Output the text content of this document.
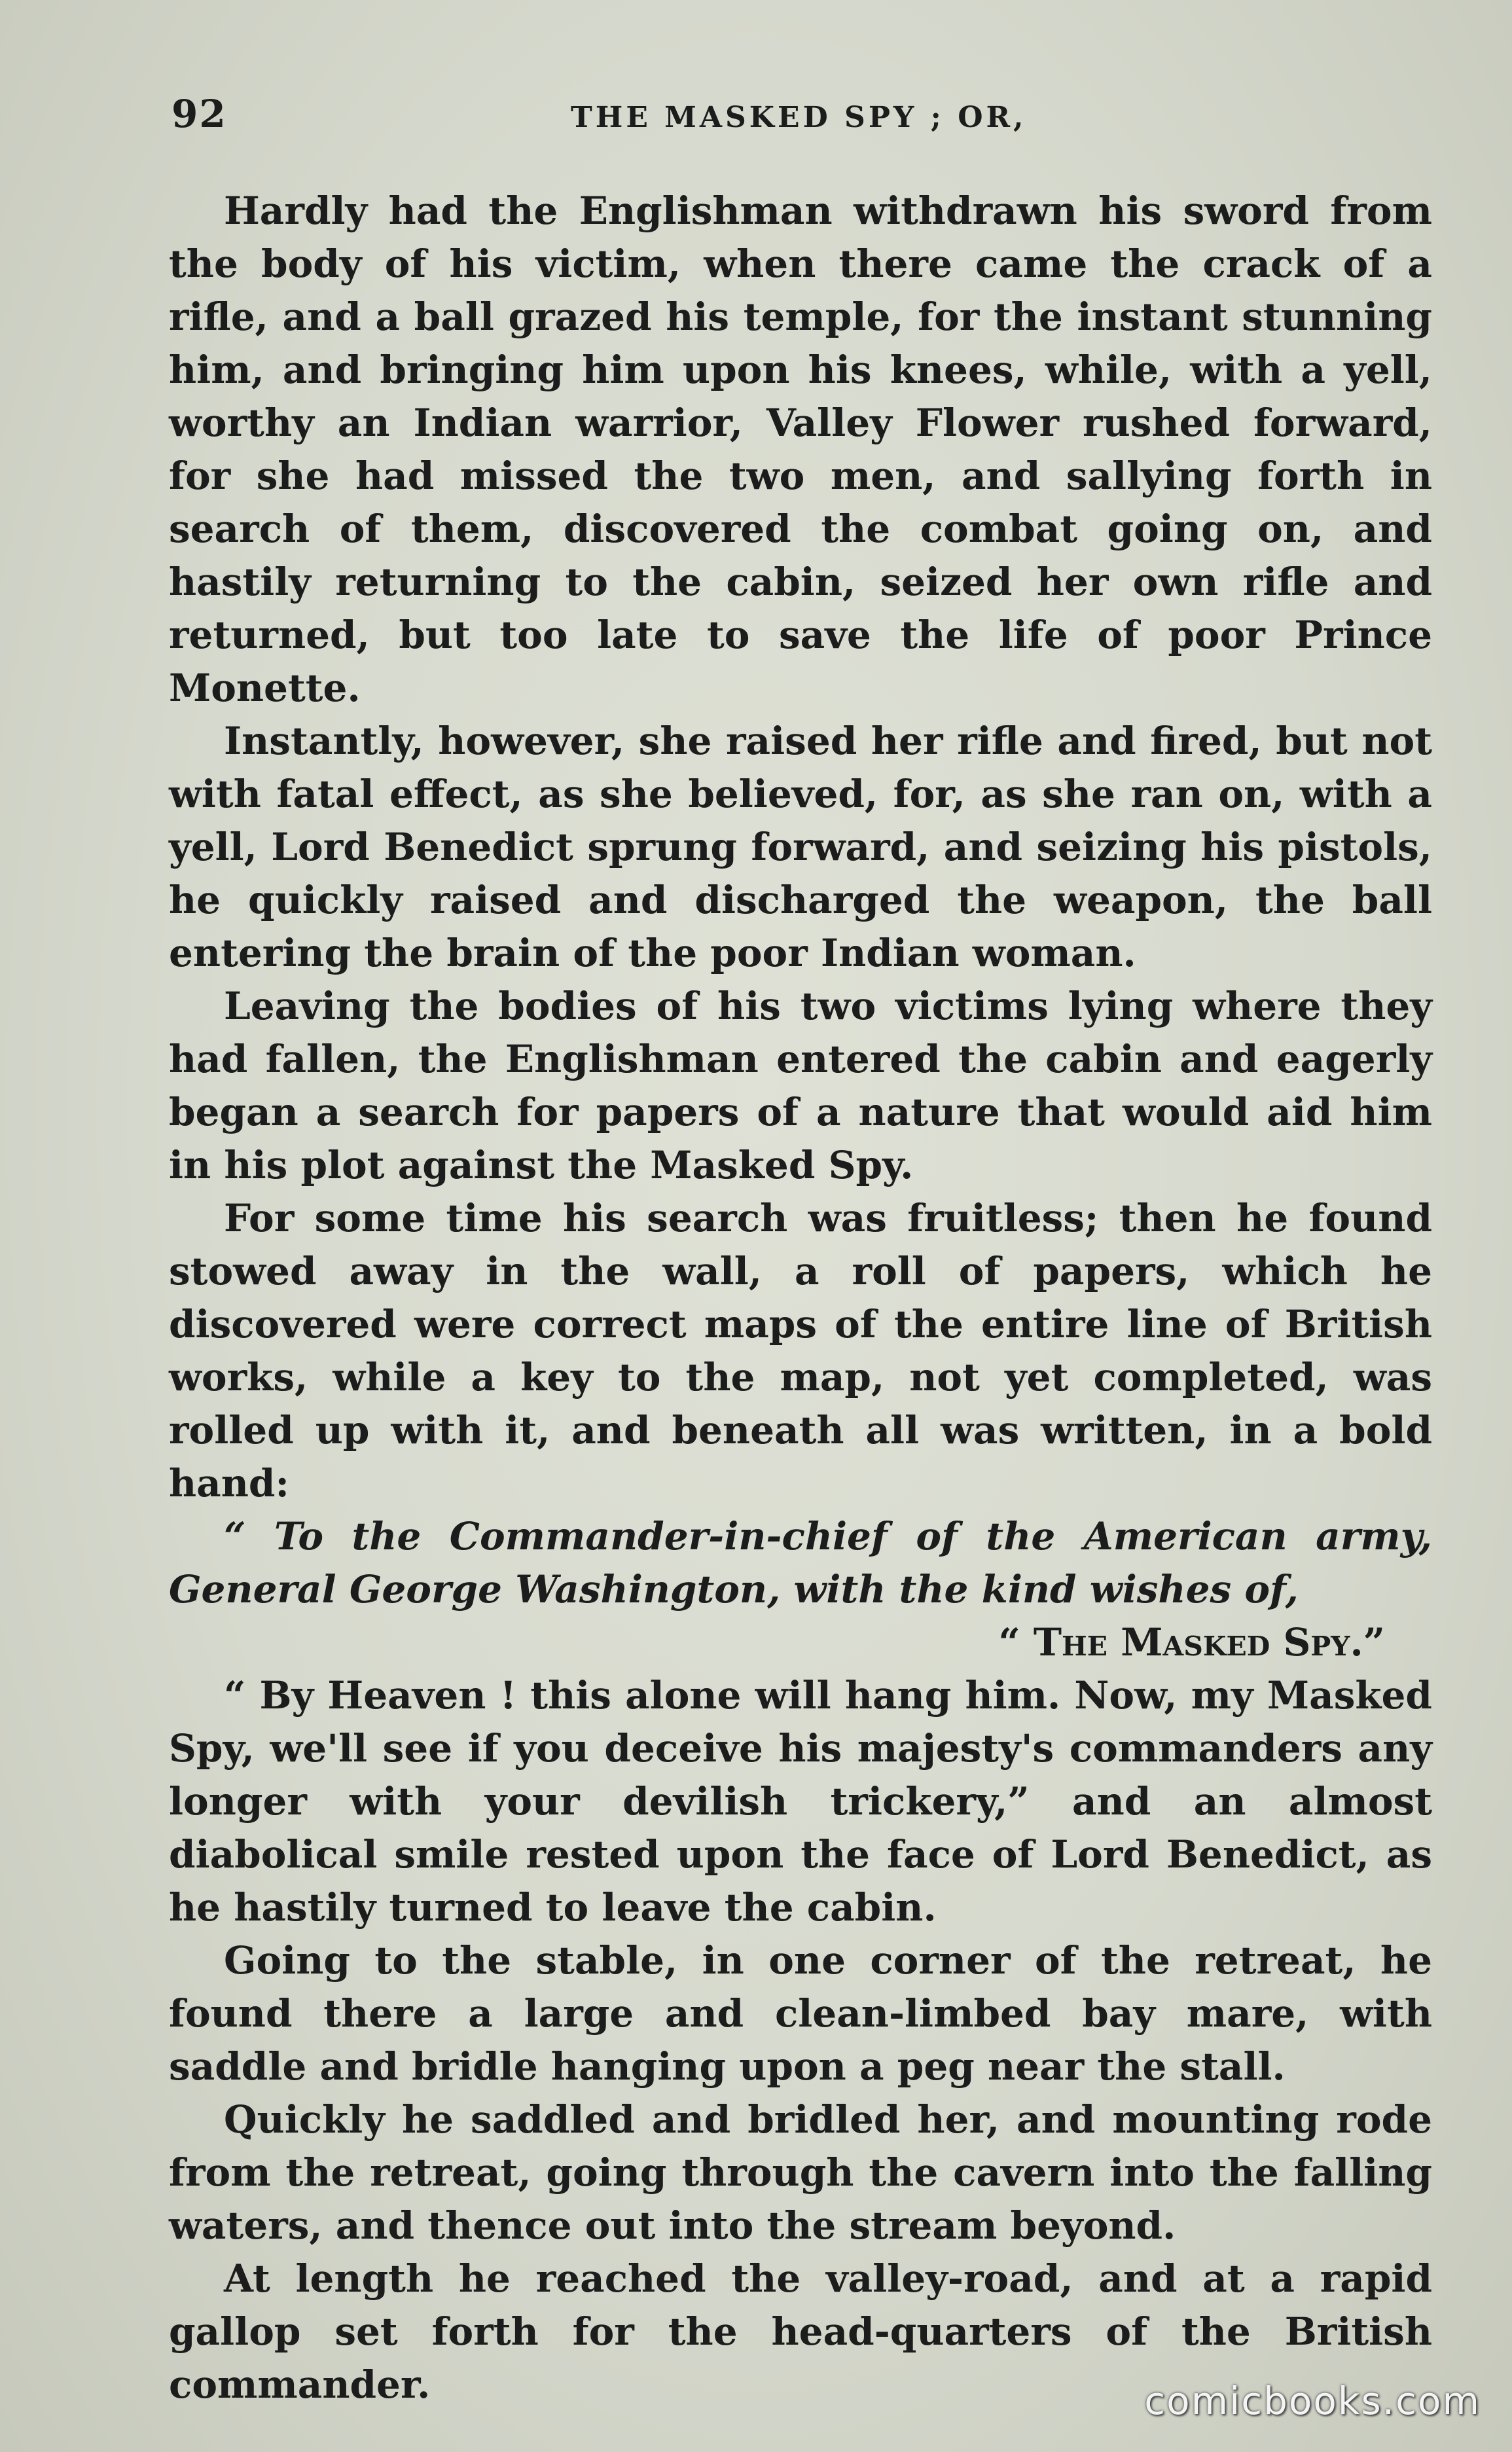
92	THE MASKED SPY ; OR,

Hardly had the Englishman withdrawn his sword from the body of his victim, when there came the crack of a rifle, and a ball grazed his temple, for the instant stunning him, and bringing him upon his knees, while, with a yell, worthy an Indian warrior, Valley Flower rushed forward, for she had missed the two men, and sallying forth in search of them, discovered the combat going on, and hastily returning to the cabin, seized her own rifle and returned, but too late to save the life of poor Prince Monette.

Instantly, however, she raised her rifle and fired, but not with fatal effect, as she believed, for, as she ran on, with a yell, Lord Benedict sprung forward, and seizing his pistols, he quickly raised and discharged the weapon, the ball entering the brain of the poor Indian woman.

Leaving the bodies of his two victims lying where they had fallen, the Englishman entered the cabin and eagerly began a search for papers of a nature that would aid him in his plot against the Masked Spy.

For some time his search was fruitless; then he found stowed away in the wall, a roll of papers, which he discovered were correct maps of the entire line of British works, while a key to the map, not yet completed, was rolled up with it, and beneath all was written, in a bold hand:

“ To the Commander-in-chief of the American army, General George Washington, with the kind wishes of,

“ The Masked Spy.”

“ By Heaven ! this alone will hang him. Now, my Masked Spy, we'll see if you deceive his majesty's commanders any longer with your devilish trickery,” and an almost diabolical smile rested upon the face of Lord Benedict, as he hastily turned to leave the cabin.

Going to the stable, in one corner of the retreat, he found there a large and clean-limbed bay mare, with saddle and bridle hanging upon a peg near the stall.

Quickly he saddled and bridled her, and mounting rode from the retreat, going through the cavern into the falling waters, and thence out into the stream beyond.

At length he reached the valley-road, and at a rapid gallop set forth for the head-quarters of the British commander.	comicbooks.com
